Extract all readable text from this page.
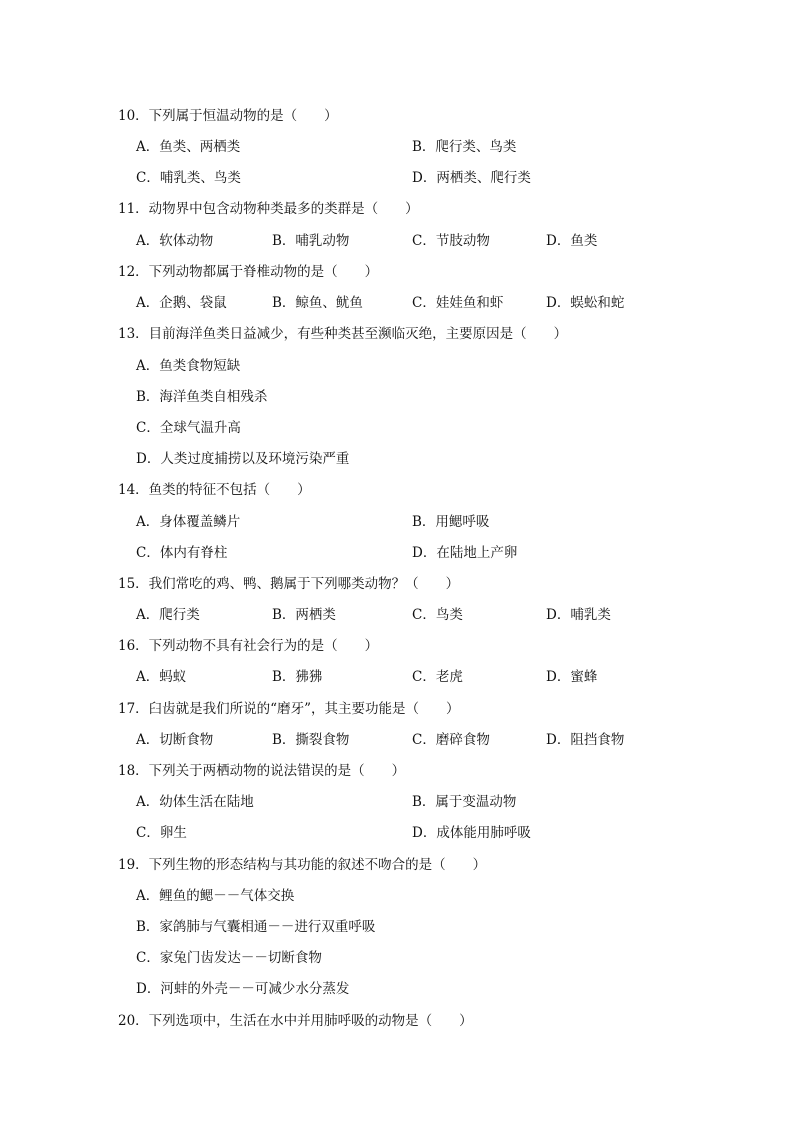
10．下列属于恒温动物的是（　　）
A．鱼类、两栖类	B．爬行类、鸟类
C．哺乳类、鸟类	D．两栖类、爬行类
11．动物界中包含动物种类最多的类群是（　　）
A．软体动物	B．哺乳动物	C．节肢动物	D．鱼类
12．下列动物都属于脊椎动物的是（　　）
A．企鹅、袋鼠	B．鲸鱼、鱿鱼	C．娃娃鱼和虾	D．蜈蚣和蛇
13．目前海洋鱼类日益减少，有些种类甚至濒临灭绝，主要原因是（　　）
A．鱼类食物短缺
B．海洋鱼类自相残杀
C．全球气温升高
D．人类过度捕捞以及环境污染严重
14．鱼类的特征不包括（　　）
A．身体覆盖鳞片	B．用鳃呼吸
C．体内有脊柱	D．在陆地上产卵
15．我们常吃的鸡、鸭、鹅属于下列哪类动物？（　　）
A．爬行类	B．两栖类	C．鸟类	D．哺乳类
16．下列动物不具有社会行为的是（　　）
A．蚂蚁	B．狒狒	C．老虎	D．蜜蜂
17．臼齿就是我们所说的“磨牙”，其主要功能是（　　）
A．切断食物	B．撕裂食物	C．磨碎食物	D．阻挡食物
18．下列关于两栖动物的说法错误的是（　　）
A．幼体生活在陆地	B．属于变温动物
C．卵生	D．成体能用肺呼吸
19．下列生物的形态结构与其功能的叙述不吻合的是（　　）
A．鲤鱼的鳃－－气体交换
B．家鸽肺与气囊相通－－进行双重呼吸
C．家兔门齿发达－－切断食物
D．河蚌的外壳－－可减少水分蒸发
20．下列选项中，生活在水中并用肺呼吸的动物是（　　）
